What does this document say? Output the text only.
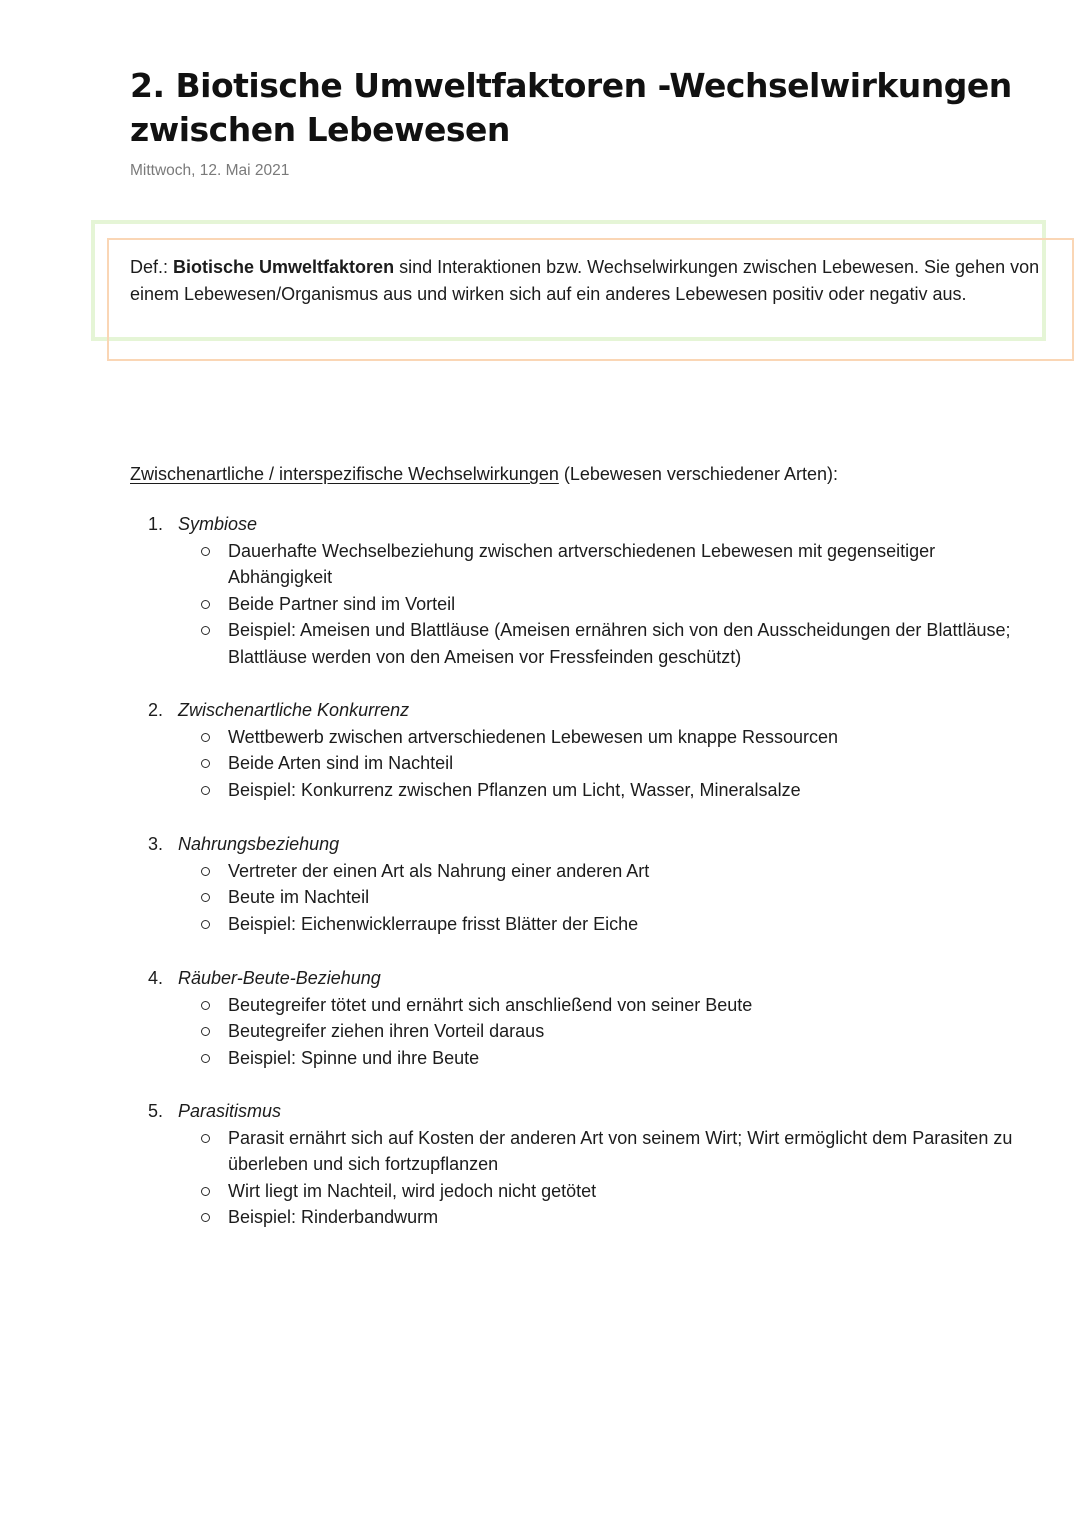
2. Biotische Umweltfaktoren -Wechselwirkungen
zwischen Lebewesen
Mittwoch, 12. Mai 2021
Def.: Biotische Umweltfaktoren sind Interaktionen bzw. Wechselwirkungen zwischen Lebewesen. Sie gehen von einem Lebewesen/Organismus aus und wirken sich auf ein anderes Lebewesen positiv oder negativ aus.
Zwischenartliche / interspezifische Wechselwirkungen (Lebewesen verschiedener Arten):
1. Symbiose
Dauerhafte Wechselbeziehung zwischen artverschiedenen Lebewesen mit gegenseitiger Abhängigkeit
Beide Partner sind im Vorteil
Beispiel: Ameisen und Blattläuse (Ameisen ernähren sich von den Ausscheidungen der Blattläuse; Blattläuse werden von den Ameisen vor Fressfeinden geschützt)
2. Zwischenartliche Konkurrenz
Wettbewerb zwischen artverschiedenen Lebewesen um knappe Ressourcen
Beide Arten sind im Nachteil
Beispiel: Konkurrenz zwischen Pflanzen um Licht, Wasser, Mineralsalze
3. Nahrungsbeziehung
Vertreter der einen Art als Nahrung einer anderen Art
Beute im Nachteil
Beispiel: Eichenwicklerraupe frisst Blätter der Eiche
4. Räuber-Beute-Beziehung
Beutegreifer tötet und ernährt sich anschließend von seiner Beute
Beutegreifer ziehen ihren Vorteil daraus
Beispiel: Spinne und ihre Beute
5. Parasitismus
Parasit ernährt sich auf Kosten der anderen Art von seinem Wirt; Wirt ermöglicht dem Parasiten zu überleben und sich fortzupflanzen
Wirt liegt im Nachteil, wird jedoch nicht getötet
Beispiel: Rinderbandwurm
